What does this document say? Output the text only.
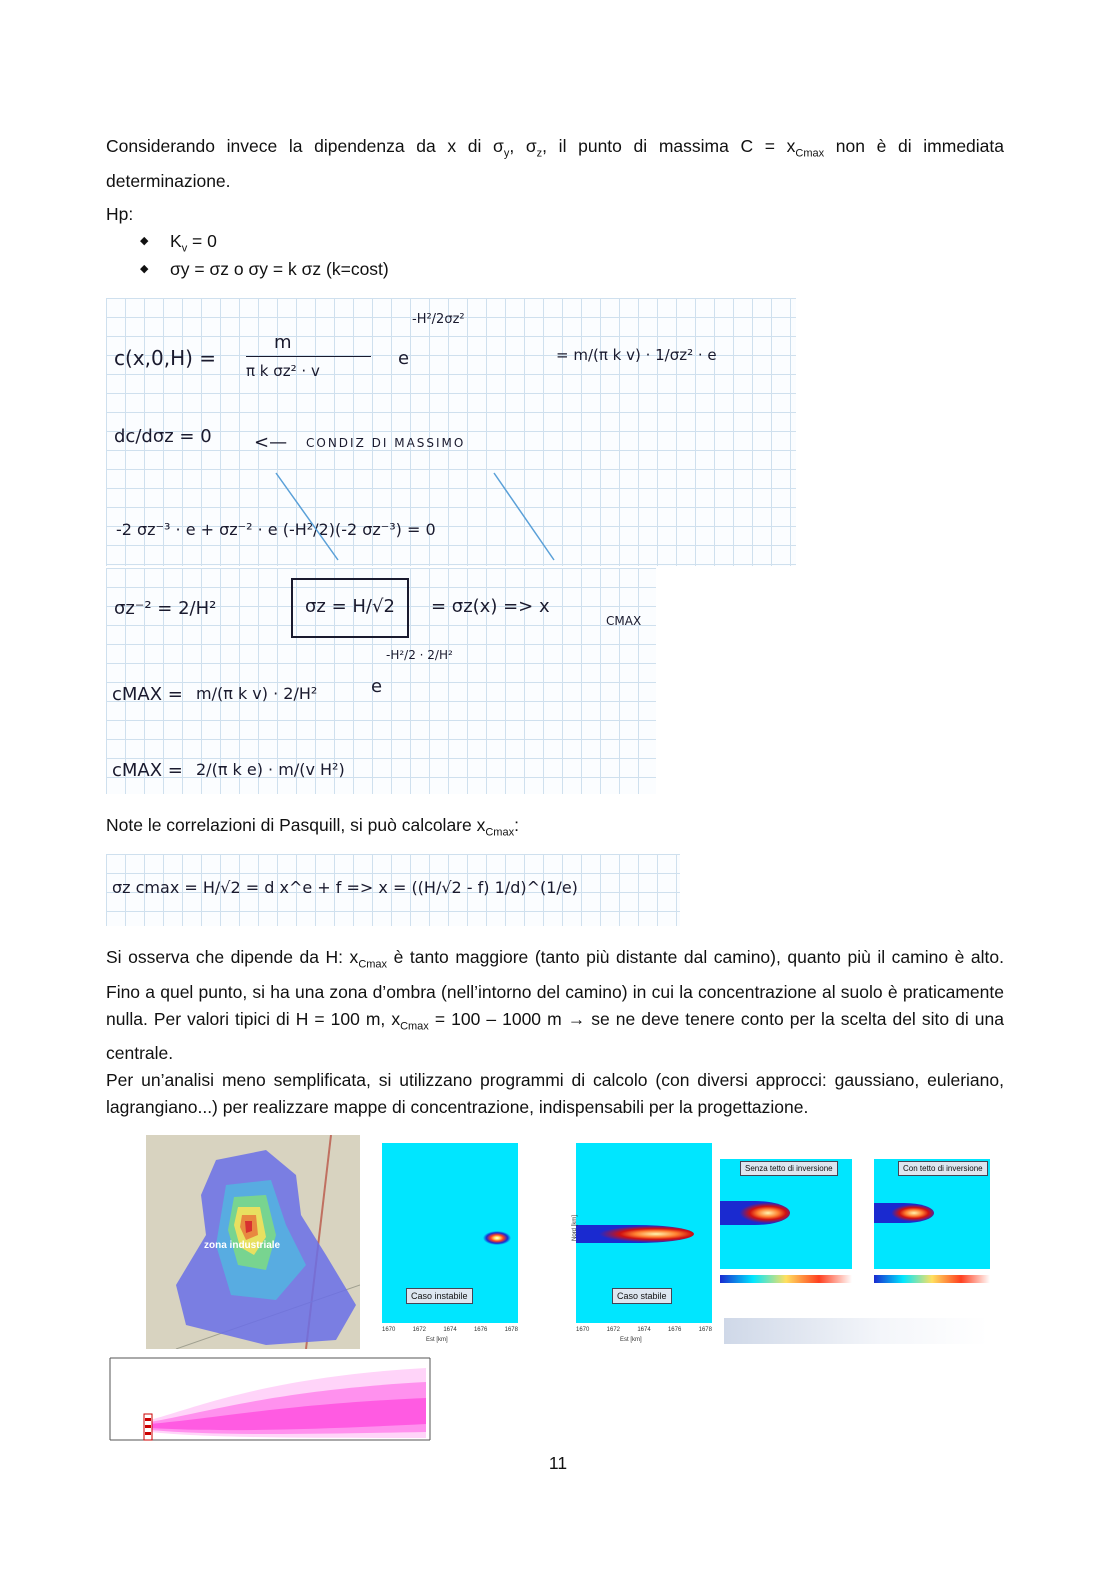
Considerando invece la dipendenza da x di $\sigma_y$, $\sigma_z$, il punto di massima $C = x_{Cmax}$ non è di immediata determinazione.
Hp:
◆ $K_v = 0$
◆ σy = σz o σy = k σz (k=cost)
c(x,0,H) =
m
π k σz² · v
e
-H²/2σz²
= m/(π k v) · 1/σz² · e
dc/dσz = 0 <— CONDIZ DI MASSIMO
-2 σz⁻³ · e + σz⁻² · e (-H²/2)(-2 σz⁻³) = 0
σz⁻² = 2/H²	σz = H/√2 = σz(x) => x
CMAX
cMAX = m/(π k v) · 2/H²	e
-H²/2 · 2/H²
cMAX = 2/(π k e) · m/(v H²)
Note le correlazioni di Pasquill, si può calcolare $x_{Cmax}$:
σz cmax = H/√2 = d x^e + f => x = ((H/√2 - f) 1/d)^(1/e)
Si osserva che dipende da H: $x_{Cmax}$ è tanto maggiore (tanto più distante dal camino), quanto più il camino è alto. Fino a quel punto, si ha una zona d’ombra (nell’intorno del camino) in cui la concentrazione al suolo è praticamente nulla. Per valori tipici di H = 100 m, $x_{Cmax} = 100 - 1000$ m → se ne deve tenere conto per la scelta del sito di una centrale.
Per un’analisi meno semplificata, si utilizzano programmi di calcolo (con diversi approcci: gaussiano, euleriano, lagrangiano...) per realizzare mappe di concentrazione, indispensabili per la progettazione.
zona industriale
Caso instabile
1670	1672	1674	1676	1678
Est [km]
Nord [km]
Caso stabile
1670	1672	1674	1676	1678
Est [km]
Senza tetto di inversione	Con tetto di inversione
11
